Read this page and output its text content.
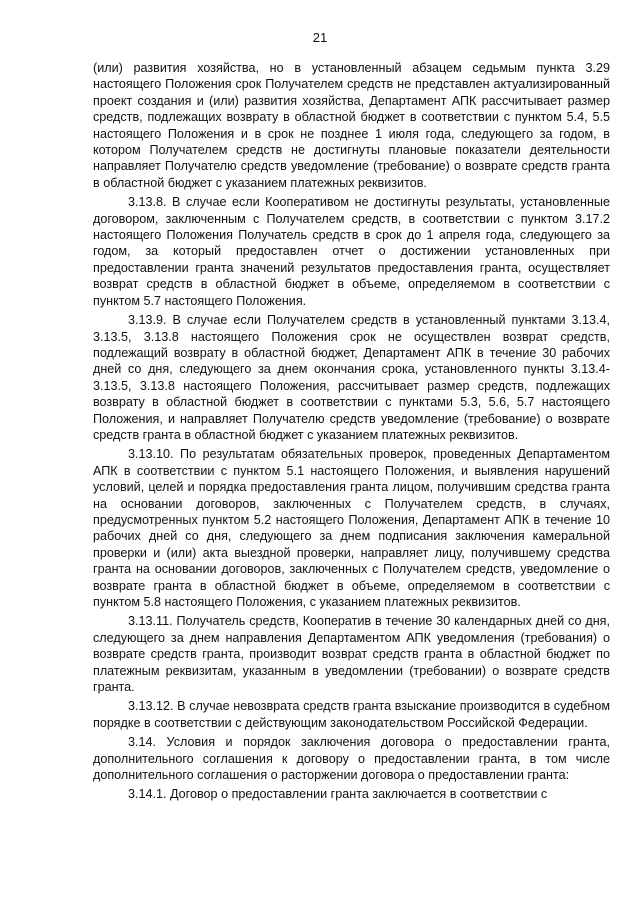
21

(или) развития хозяйства, но в установленный абзацем седьмым пункта 3.29 настоящего Положения срок Получателем средств не представлен актуализированный проект создания и (или) развития хозяйства, Департамент АПК рассчитывает размер средств, подлежащих возврату в областной бюджет в соответствии с пунктом 5.4, 5.5 настоящего Положения и в срок не позднее 1 июля года, следующего за годом, в котором Получателем средств не достигнуты плановые показатели деятельности направляет Получателю средств уведомление (требование) о возврате средств гранта в областной бюджет с указанием платежных реквизитов.

3.13.8. В случае если Кооперативом не достигнуты результаты, установленные договором, заключенным с Получателем средств, в соответствии с пунктом 3.17.2 настоящего Положения Получатель средств в срок до 1 апреля года, следующего за годом, за который предоставлен отчет о достижении установленных при предоставлении гранта значений результатов предоставления гранта, осуществляет возврат средств в областной бюджет в объеме, определяемом в соответствии с пунктом 5.7 настоящего Положения.

3.13.9. В случае если Получателем средств в установленный пунктами 3.13.4, 3.13.5, 3.13.8 настоящего Положения срок не осуществлен возврат средств, подлежащий возврату в областной бюджет, Департамент АПК в течение 30 рабочих дней со дня, следующего за днем окончания срока, установленного пункты 3.13.4-3.13.5, 3.13.8 настоящего Положения, рассчитывает размер средств, подлежащих возврату в областной бюджет в соответствии с пунктами 5.3, 5.6, 5.7 настоящего Положения, и направляет Получателю средств уведомление (требование) о возврате средств гранта в областной бюджет с указанием платежных реквизитов.

3.13.10. По результатам обязательных проверок, проведенных Департаментом АПК в соответствии с пунктом 5.1 настоящего Положения, и выявления нарушений условий, целей и порядка предоставления гранта лицом, получившим средства гранта на основании договоров, заключенных с Получателем средств, в случаях, предусмотренных пунктом 5.2 настоящего Положения, Департамент АПК в течение 10 рабочих дней со дня, следующего за днем подписания заключения камеральной проверки и (или) акта выездной проверки, направляет лицу, получившему средства гранта на основании договоров, заключенных с Получателем средств, уведомление о возврате гранта в областной бюджет в объеме, определяемом в соответствии с пунктом 5.8 настоящего Положения, с указанием платежных реквизитов.

3.13.11. Получатель средств, Кооператив в течение 30 календарных дней со дня, следующего за днем направления Департаментом АПК уведомления (требования) о возврате средств гранта, производит возврат средств гранта в областной бюджет по платежным реквизитам, указанным в уведомлении (требовании) о возврате средств гранта.

3.13.12. В случае невозврата средств гранта взыскание производится в судебном порядке в соответствии с действующим законодательством Российской Федерации.

3.14. Условия и порядок заключения договора о предоставлении гранта, дополнительного соглашения к договору о предоставлении гранта, в том числе дополнительного соглашения о расторжении договора о предоставлении гранта:

3.14.1. Договор о предоставлении гранта заключается в соответствии с
